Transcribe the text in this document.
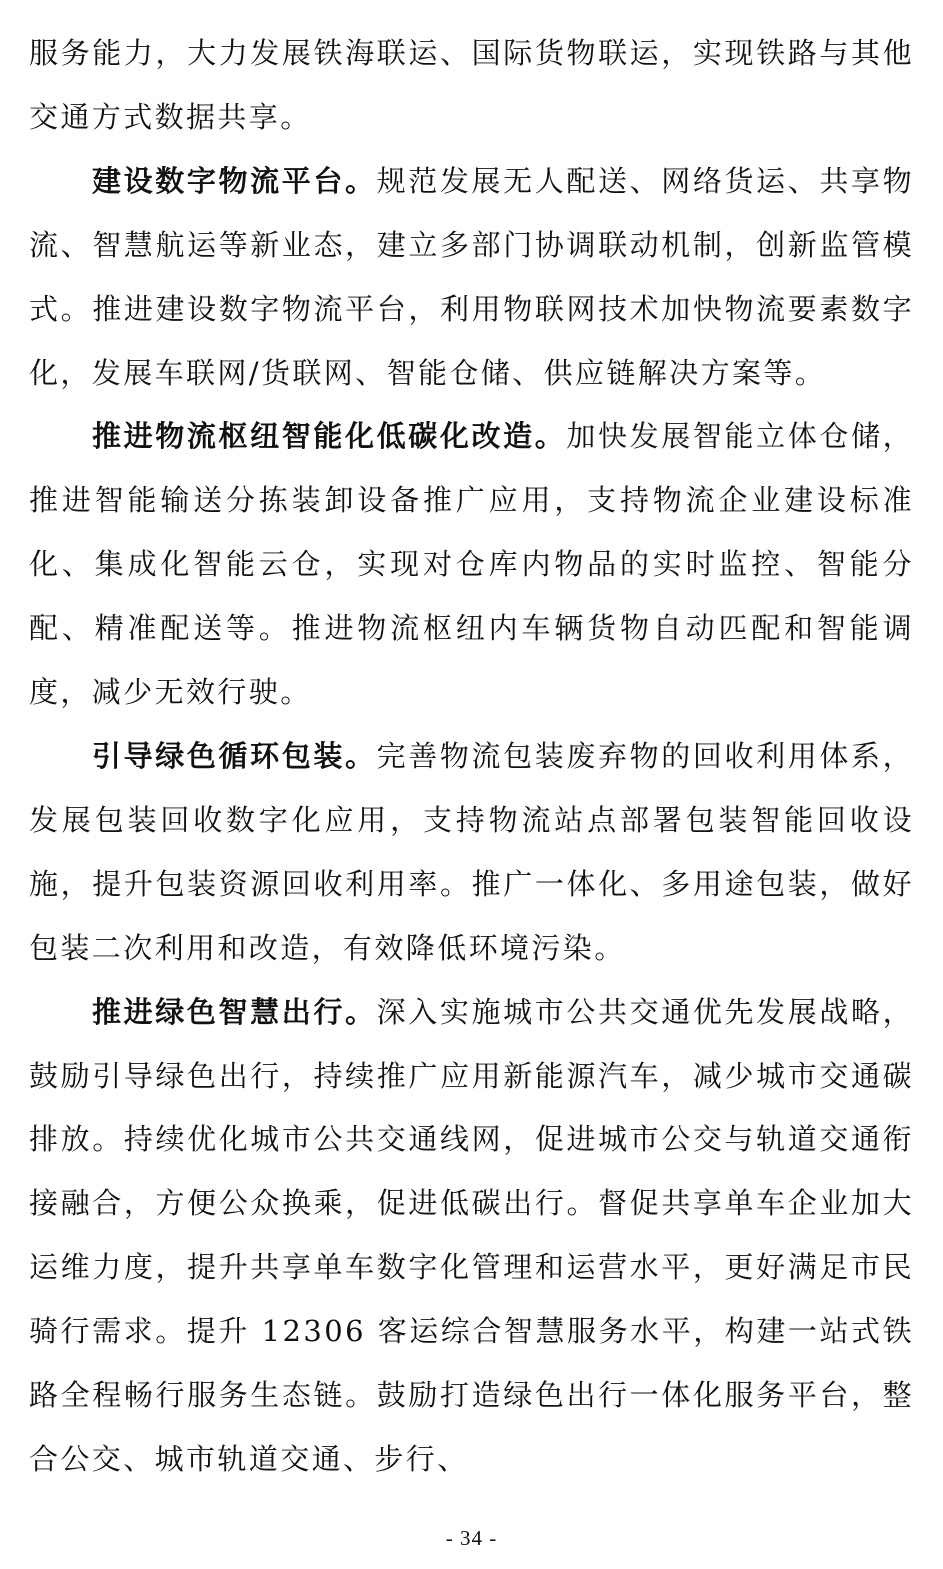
服务能力，大力发展铁海联运、国际货物联运，实现铁路与其他交通方式数据共享。

建设数字物流平台。规范发展无人配送、网络货运、共享物流、智慧航运等新业态，建立多部门协调联动机制，创新监管模式。推进建设数字物流平台，利用物联网技术加快物流要素数字化，发展车联网/货联网、智能仓储、供应链解决方案等。

推进物流枢纽智能化低碳化改造。加快发展智能立体仓储，推进智能输送分拣装卸设备推广应用，支持物流企业建设标准化、集成化智能云仓，实现对仓库内物品的实时监控、智能分配、精准配送等。推进物流枢纽内车辆货物自动匹配和智能调度，减少无效行驶。

引导绿色循环包装。完善物流包装废弃物的回收利用体系，发展包装回收数字化应用，支持物流站点部署包装智能回收设施，提升包装资源回收利用率。推广一体化、多用途包装，做好包装二次利用和改造，有效降低环境污染。

推进绿色智慧出行。深入实施城市公共交通优先发展战略，鼓励引导绿色出行，持续推广应用新能源汽车，减少城市交通碳排放。持续优化城市公共交通线网，促进城市公交与轨道交通衔接融合，方便公众换乘，促进低碳出行。督促共享单车企业加大运维力度，提升共享单车数字化管理和运营水平，更好满足市民骑行需求。提升 12306 客运综合智慧服务水平，构建一站式铁路全程畅行服务生态链。鼓励打造绿色出行一体化服务平台，整合公交、城市轨道交通、步行、

- 34 -
